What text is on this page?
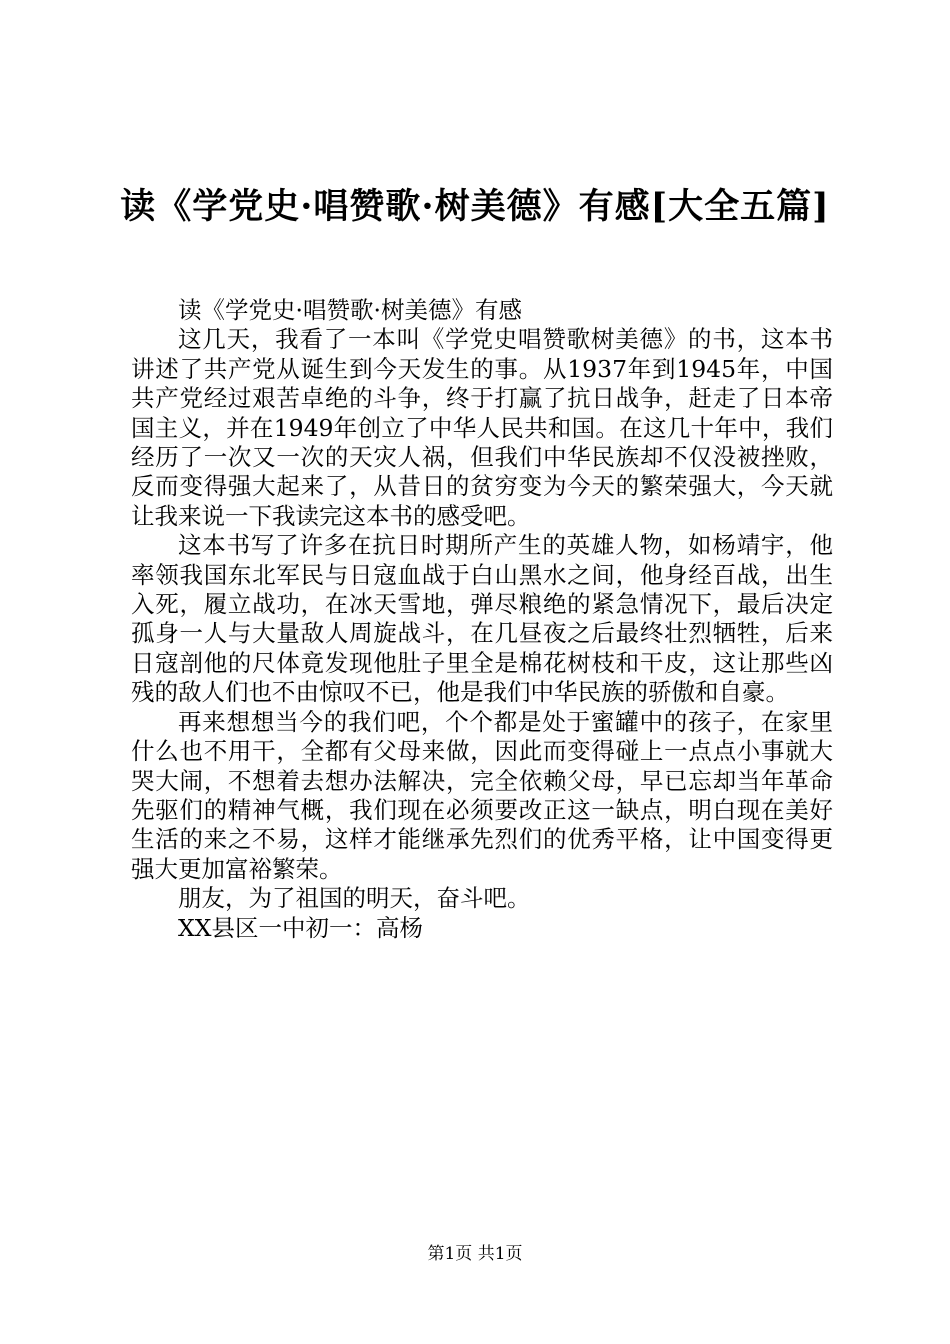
读《学党史·唱赞歌·树美德》有感[大全五篇]

读《学党史·唱赞歌·树美德》有感

这几天，我看了一本叫《学党史唱赞歌树美德》的书，这本书讲述了共产党从诞生到今天发生的事。从1937年到1945年，中国共产党经过艰苦卓绝的斗争，终于打赢了抗日战争，赶走了日本帝国主义，并在1949年创立了中华人民共和国。在这几十年中，我们经历了一次又一次的天灾人祸，但我们中华民族却不仅没被挫败，反而变得强大起来了，从昔日的贫穷变为今天的繁荣强大，今天就让我来说一下我读完这本书的感受吧。

这本书写了许多在抗日时期所产生的英雄人物，如杨靖宇，他率领我国东北军民与日寇血战于白山黑水之间，他身经百战，出生入死，履立战功，在冰天雪地，弹尽粮绝的紧急情况下，最后决定孤身一人与大量敌人周旋战斗，在几昼夜之后最终壮烈牺牲，后来日寇剖他的尺体竟发现他肚子里全是棉花树枝和干皮，这让那些凶残的敌人们也不由惊叹不已，他是我们中华民族的骄傲和自豪。

再来想想当今的我们吧，个个都是处于蜜罐中的孩子，在家里什么也不用干，全都有父母来做，因此而变得碰上一点点小事就大哭大闹，不想着去想办法解决，完全依赖父母，早已忘却当年革命先驱们的精神气概，我们现在必须要改正这一缺点，明白现在美好生活的来之不易，这样才能继承先烈们的优秀平格，让中国变得更强大更加富裕繁荣。

朋友，为了祖国的明天，奋斗吧。

XX县区一中初一：高杨

第1页 共1页
